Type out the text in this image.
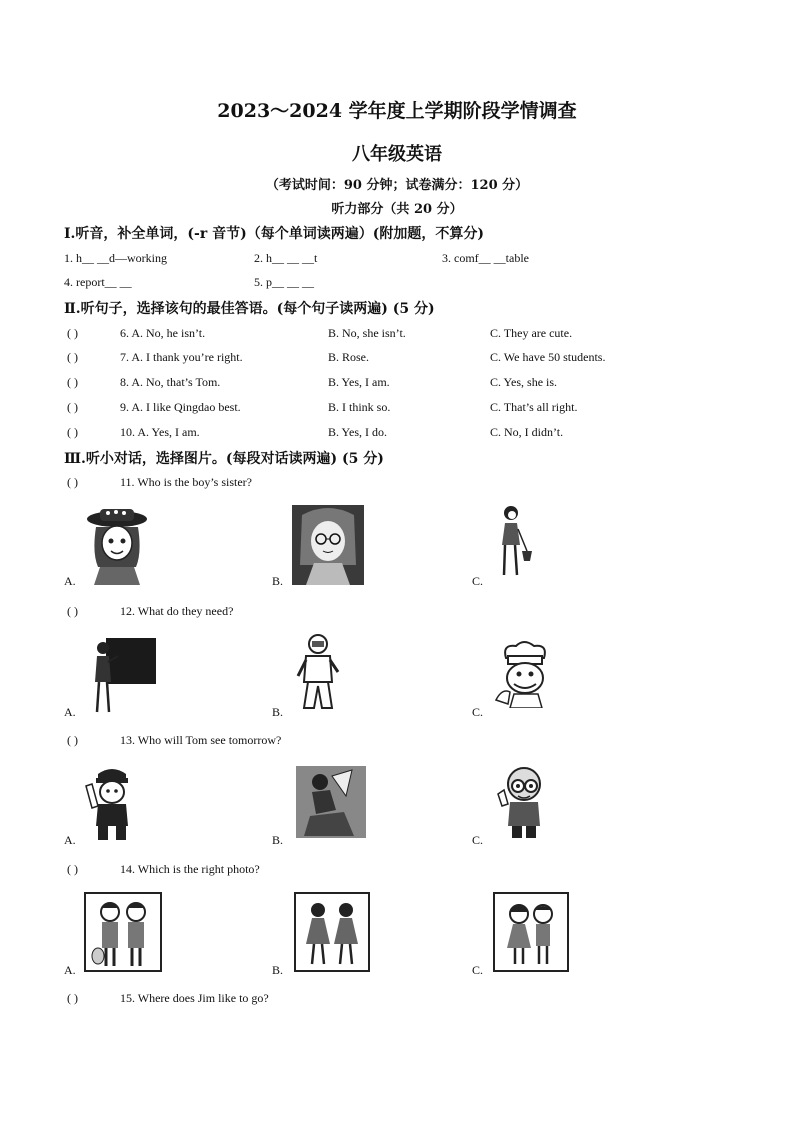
2023～2024 学年度上学期阶段学情调查
八年级英语
（考试时间：90 分钟；试卷满分：120 分）
听力部分（共 20 分）
Ⅰ.听音，补全单词，(-r 音节)（每个单词读两遍）(附加题，不算分)
1. h__ __d—working	2. h__ __ __t	3. comf__ __table
4. report__ __	5. p__ __ __
Ⅱ.听句子，选择该句的最佳答语。(每个句子读两遍) (5 分)
( )	6. A. No, he isn’t.	B. No, she isn’t.	C. They are cute.
( )	7. A. I thank you’re right.	B. Rose.	C. We have 50 students.
( )	8. A. No, that’s Tom.	B. Yes, I am.	C. Yes, she is.
( )	9. A. I like Qingdao best.	B. I think so.	C. That’s all right.
( )	10. A. Yes, I am.	B. Yes, I do.	C. No, I didn’t.
Ⅲ.听小对话，选择图片。(每段对话读两遍) (5 分)
( )	11. Who is the boy’s sister?
A.	B.	C.
( )	12. What do they need?
A.	B.	C.
( )	13. Who will Tom see tomorrow?
A.	B.	C.
( )	14. Which is the right photo?
A.	B.	C.
( )	15. Where does Jim like to go?
